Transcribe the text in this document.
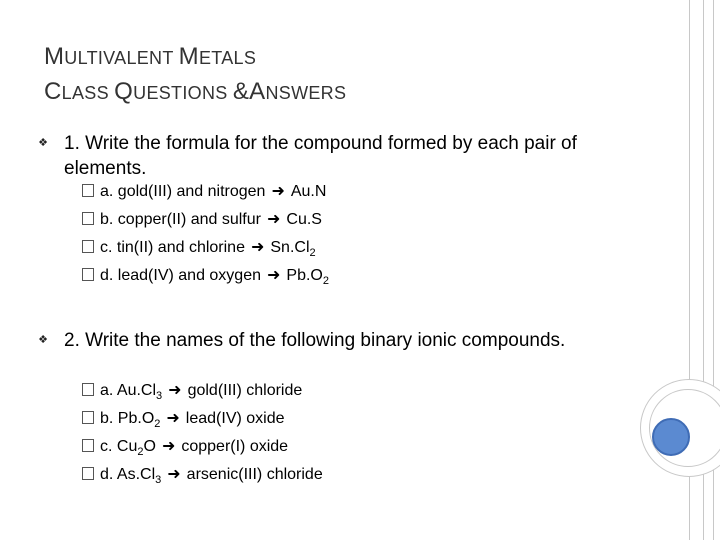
MULTIVALENT METALS
CLASS QUESTIONS &ANSWERS
❖ 1. Write the formula for the compound formed by each pair of elements.
a. gold(III) and nitrogen ➜ Au.N
b. copper(II) and sulfur ➜ Cu.S
c. tin(II) and chlorine ➜ $Sn.Cl_2$
d. lead(IV) and oxygen ➜ $Pb.O_2$
❖ 2. Write the names of the following binary ionic compounds.
a. $Au.Cl_3$ ➜ gold(III) chloride
b. $Pb.O_2$ ➜ lead(IV) oxide
c. $Cu_2O$ ➜ copper(I) oxide
d. $As.Cl_3$ ➜ arsenic(III) chloride
